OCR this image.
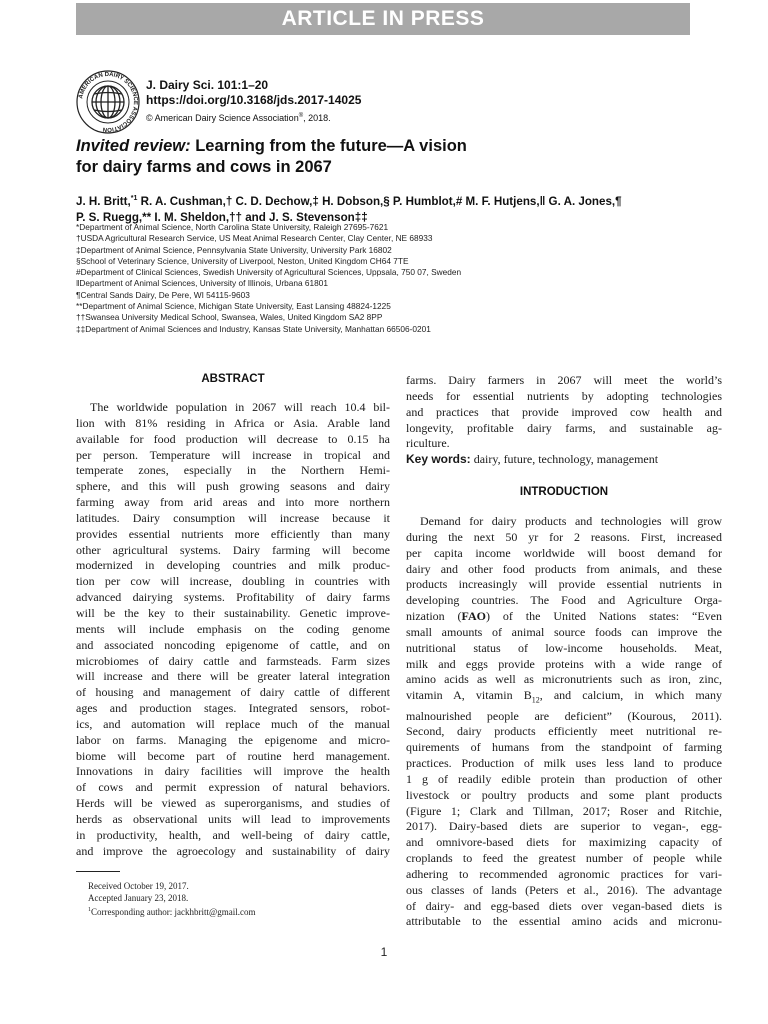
ARTICLE IN PRESS
AMERICAN DAIRY SCIENCE ASSOCIATION
J. Dairy Sci. 101:1–20
https://doi.org/10.3168/jds.2017-14025
© American Dairy Science Association®, 2018.
Invited review: Learning from the future—A vision
for dairy farms and cows in 2067
J. H. Britt,$^{*1}$ R. A. Cushman,† C. D. Dechow,‡ H. Dobson,§ P. Humblot,# M. F. Hutjens,ǁ G. A. Jones,¶
P. S. Ruegg,** I. M. Sheldon,†† and J. S. Stevenson‡‡
*Department of Animal Science, North Carolina State University, Raleigh 27695-7621
†USDA Agricultural Research Service, US Meat Animal Research Center, Clay Center, NE 68933
‡Department of Animal Science, Pennsylvania State University, University Park 16802
§School of Veterinary Science, University of Liverpool, Neston, United Kingdom CH64 7TE
#Department of Clinical Sciences, Swedish University of Agricultural Sciences, Uppsala, 750 07, Sweden
ǁDepartment of Animal Sciences, University of Illinois, Urbana 61801
¶Central Sands Dairy, De Pere, WI 54115-9603
**Department of Animal Science, Michigan State University, East Lansing 48824-1225
††Swansea University Medical School, Swansea, Wales, United Kingdom SA2 8PP
‡‡Department of Animal Sciences and Industry, Kansas State University, Manhattan 66506-0201
ABSTRACT
The worldwide population in 2067 will reach 10.4 bil-
lion with 81% residing in Africa or Asia. Arable land
available for food production will decrease to 0.15 ha
per person. Temperature will increase in tropical and
temperate zones, especially in the Northern Hemi-
sphere, and this will push growing seasons and dairy
farming away from arid areas and into more northern
latitudes. Dairy consumption will increase because it
provides essential nutrients more efficiently than many
other agricultural systems. Dairy farming will become
modernized in developing countries and milk produc-
tion per cow will increase, doubling in countries with
advanced dairying systems. Profitability of dairy farms
will be the key to their sustainability. Genetic improve-
ments will include emphasis on the coding genome
and associated noncoding epigenome of cattle, and on
microbiomes of dairy cattle and farmsteads. Farm sizes
will increase and there will be greater lateral integration
of housing and management of dairy cattle of different
ages and production stages. Integrated sensors, robot-
ics, and automation will replace much of the manual
labor on farms. Managing the epigenome and micro-
biome will become part of routine herd management.
Innovations in dairy facilities will improve the health
of cows and permit expression of natural behaviors.
Herds will be viewed as superorganisms, and studies of
herds as observational units will lead to improvements
in productivity, health, and well-being of dairy cattle,
and improve the agroecology and sustainability of dairy
farms. Dairy farmers in 2067 will meet the world’s
needs for essential nutrients by adopting technologies
and practices that provide improved cow health and
longevity, profitable dairy farms, and sustainable ag-
riculture.
Key words: dairy, future, technology, management
INTRODUCTION
Demand for dairy products and technologies will grow
during the next 50 yr for 2 reasons. First, increased
per capita income worldwide will boost demand for
dairy and other food products from animals, and these
products increasingly will provide essential nutrients in
developing countries. The Food and Agriculture Orga-
nization (FAO) of the United Nations states: “Even
small amounts of animal source foods can improve the
nutritional status of low-income households. Meat,
milk and eggs provide proteins with a wide range of
amino acids as well as micronutrients such as iron, zinc,
vitamin A, vitamin $B_{12}$, and calcium, in which many
malnourished people are deficient” (Kourous, 2011).
Second, dairy products efficiently meet nutritional re-
quirements of humans from the standpoint of farming
practices. Production of milk uses less land to produce
1 g of readily edible protein than production of other
livestock or poultry products and some plant products
(Figure 1; Clark and Tillman, 2017; Roser and Ritchie,
2017). Dairy-based diets are superior to vegan-, egg-
and omnivore-based diets for maximizing capacity of
croplands to feed the greatest number of people while
adhering to recommended agronomic practices for vari-
ous classes of lands (Peters et al., 2016). The advantage
of dairy- and egg-based diets over vegan-based diets is
attributable to the essential amino acids and micronu-
Received October 19, 2017.
Accepted January 23, 2018.
$^1$Corresponding author: jackhbritt@gmail.com
1
